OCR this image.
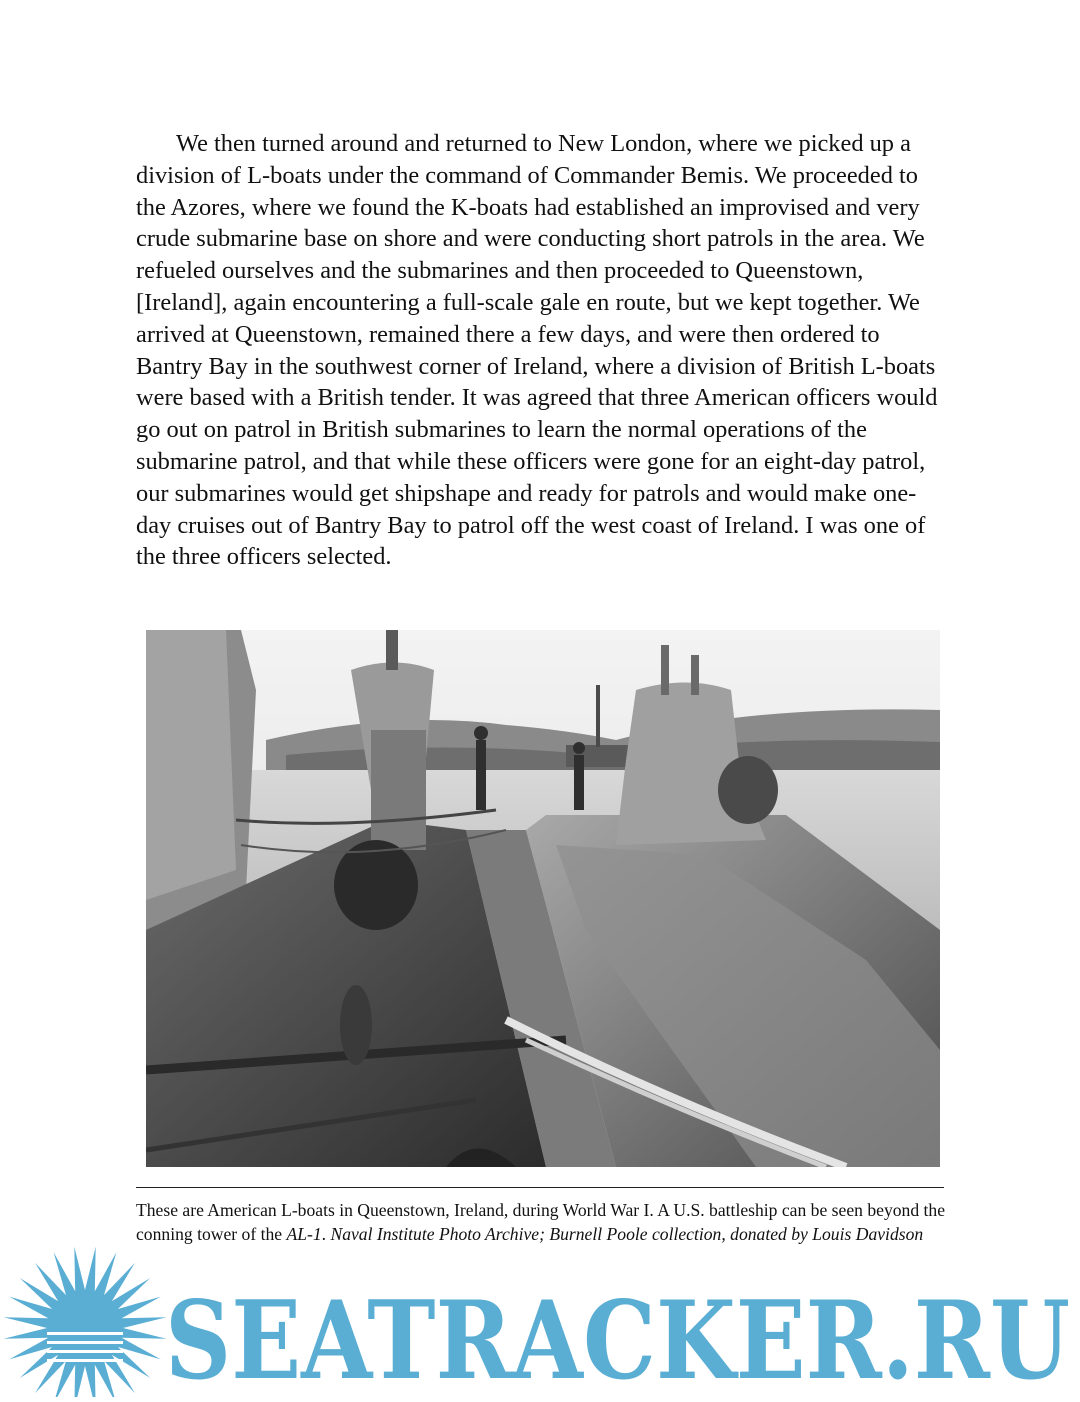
We then turned around and returned to New London, where we picked up a division of L-boats under the command of Commander Bemis. We proceeded to the Azores, where we found the K-boats had established an improvised and very crude submarine base on shore and were conducting short patrols in the area. We refueled ourselves and the submarines and then proceeded to Queenstown, [Ireland], again encountering a full-scale gale en route, but we kept together. We arrived at Queenstown, remained there a few days, and were then ordered to Bantry Bay in the southwest corner of Ireland, where a division of British L-boats were based with a British tender. It was agreed that three American officers would go out on patrol in British submarines to learn the normal operations of the submarine patrol, and that while these officers were gone for an eight-day patrol, our submarines would get shipshape and ready for patrols and would make one-day cruises out of Bantry Bay to patrol off the west coast of Ireland. I was one of the three officers selected.

These are American L-boats in Queenstown, Ireland, during World War I. A U.S. battleship can be seen beyond the conning tower of the AL-1. Naval Institute Photo Archive; Burnell Poole collection, donated by Louis Davidson

SEATRACKER.RU
